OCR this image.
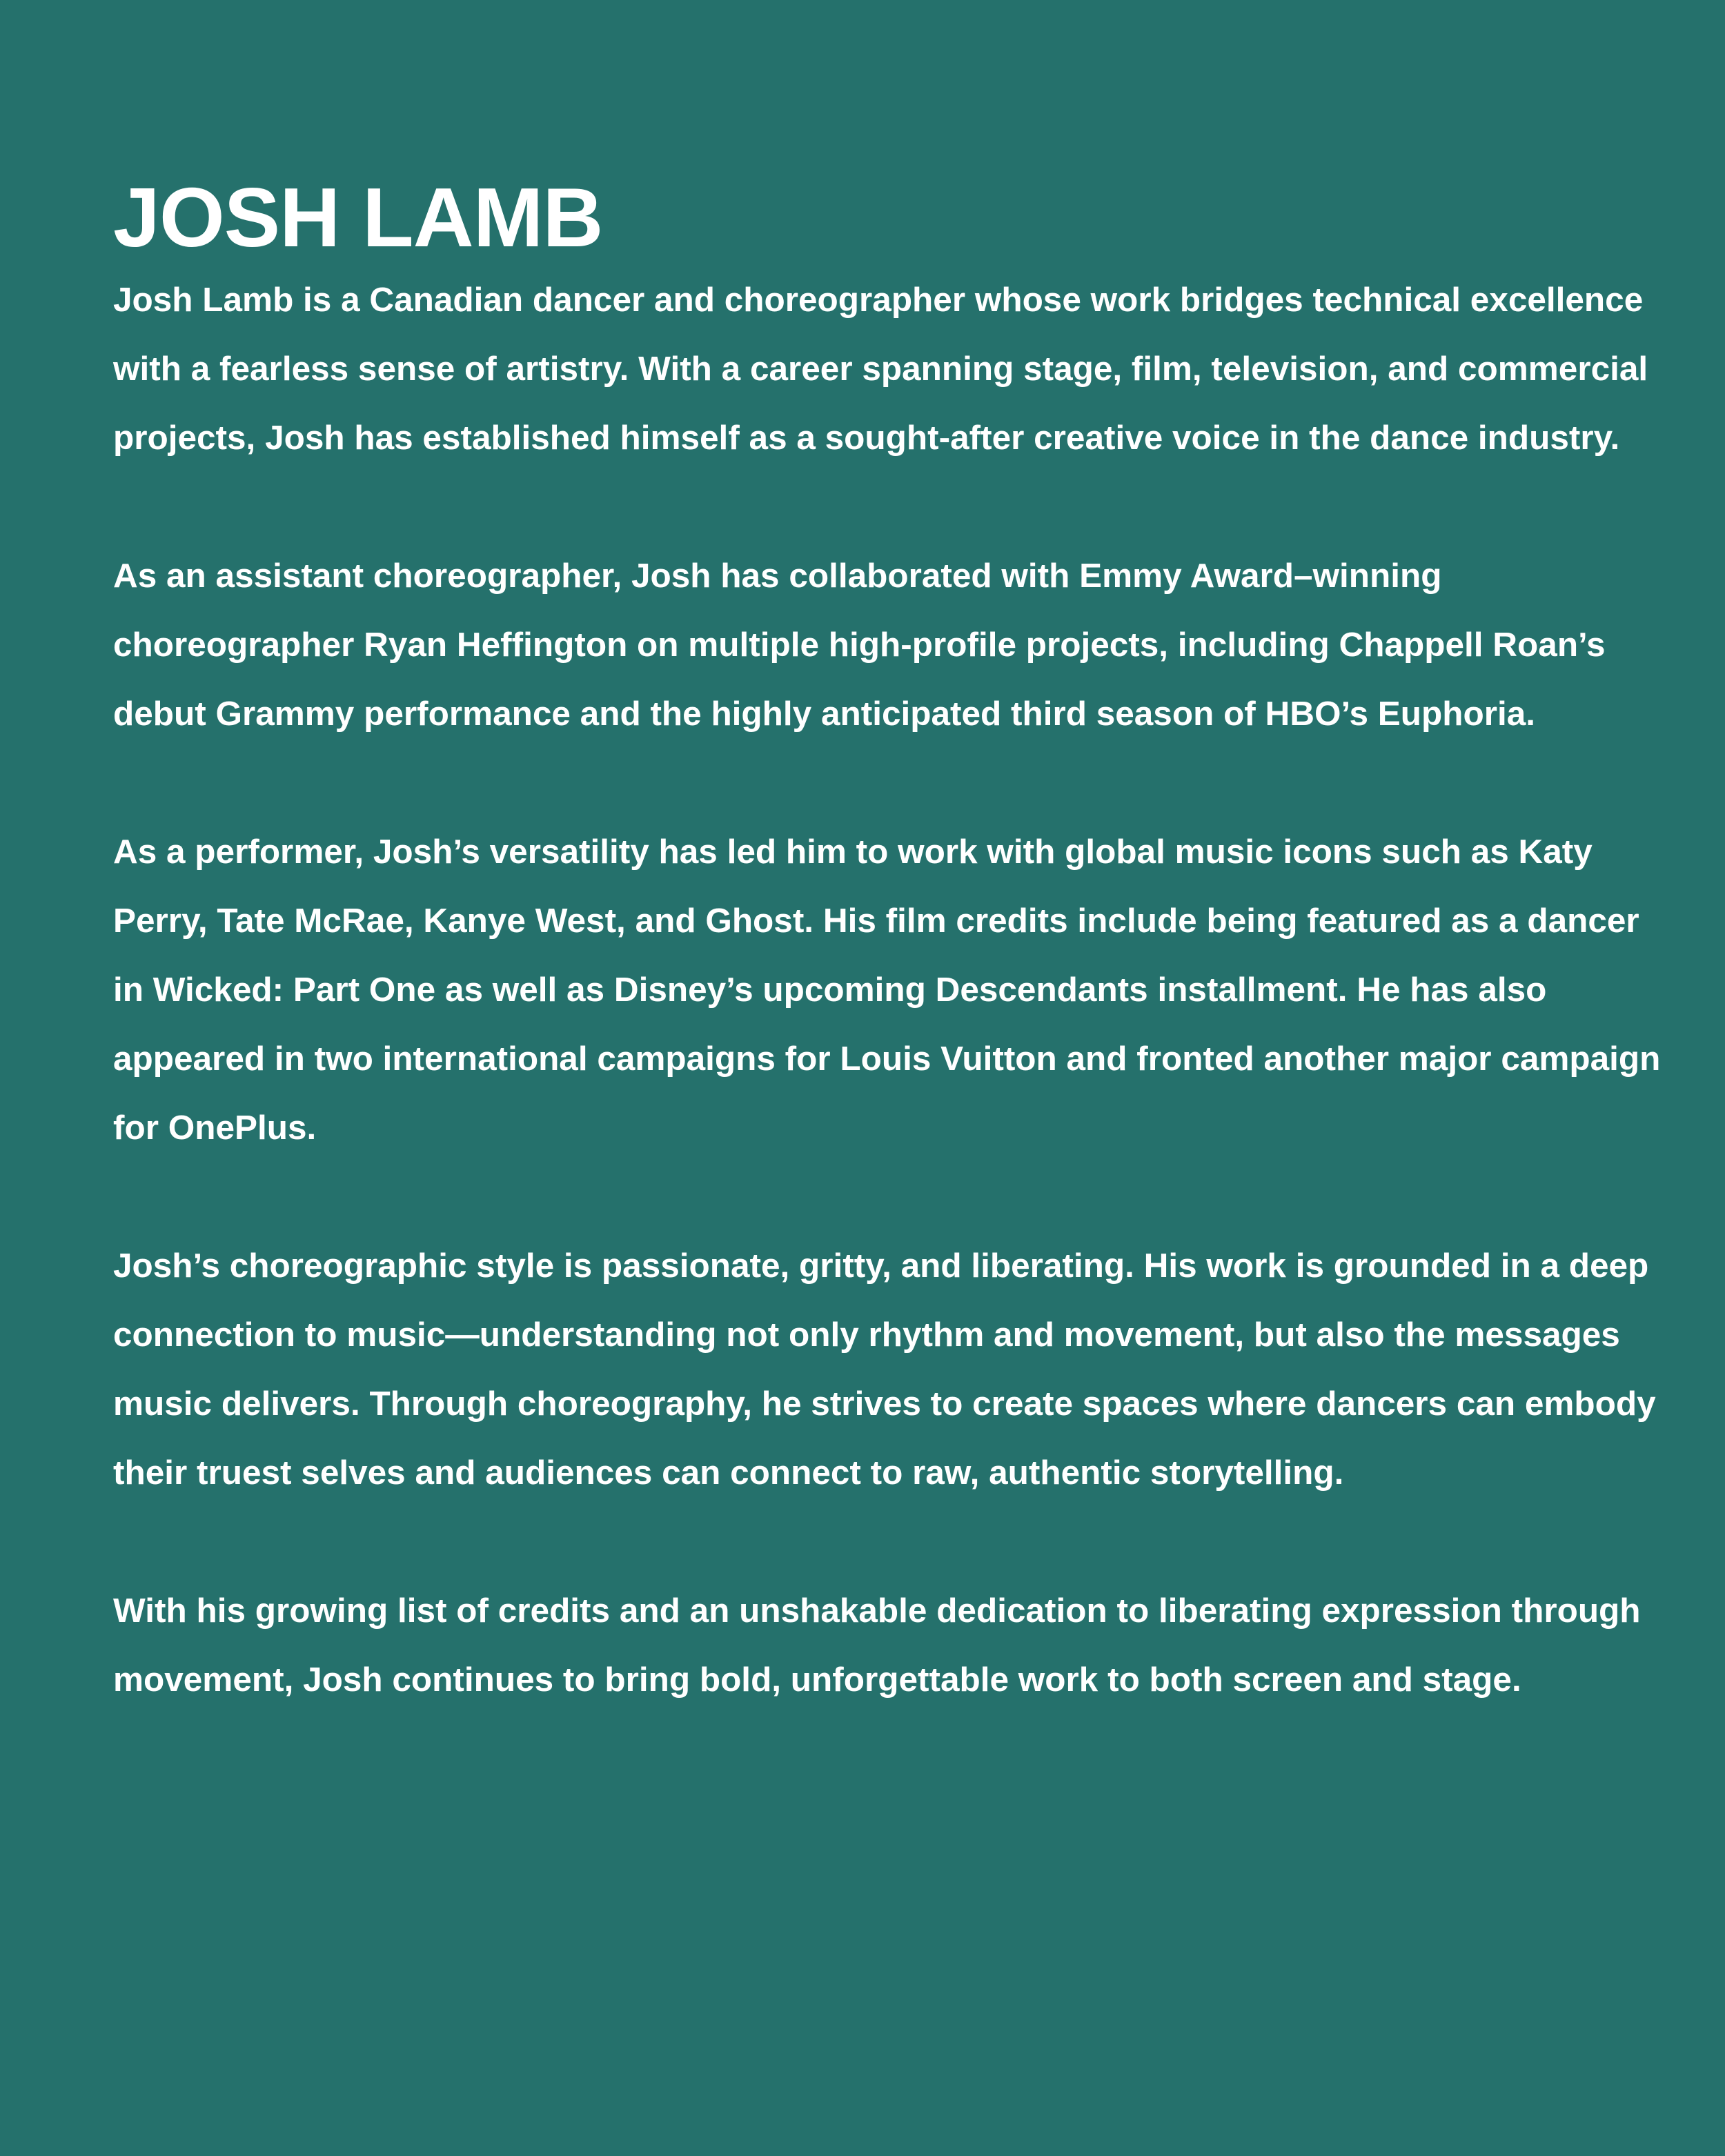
JOSH LAMB

Josh Lamb is a Canadian dancer and choreographer whose work bridges technical excellence with a fearless sense of artistry. With a career spanning stage, film, television, and commercial projects, Josh has established himself as a sought-after creative voice in the dance industry.

As an assistant choreographer, Josh has collaborated with Emmy Award–winning choreographer Ryan Heffington on multiple high-profile projects, including Chappell Roan’s debut Grammy performance and the highly anticipated third season of HBO’s Euphoria.

As a performer, Josh’s versatility has led him to work with global music icons such as Katy Perry, Tate McRae, Kanye West, and Ghost. His film credits include being featured as a dancer in Wicked: Part One as well as Disney’s upcoming Descendants installment. He has also appeared in two international campaigns for Louis Vuitton and fronted another major campaign for OnePlus.

Josh’s choreographic style is passionate, gritty, and liberating. His work is grounded in a deep connection to music—understanding not only rhythm and movement, but also the messages music delivers. Through choreography, he strives to create spaces where dancers can embody their truest selves and audiences can connect to raw, authentic storytelling.

With his growing list of credits and an unshakable dedication to liberating expression through movement, Josh continues to bring bold, unforgettable work to both screen and stage.
